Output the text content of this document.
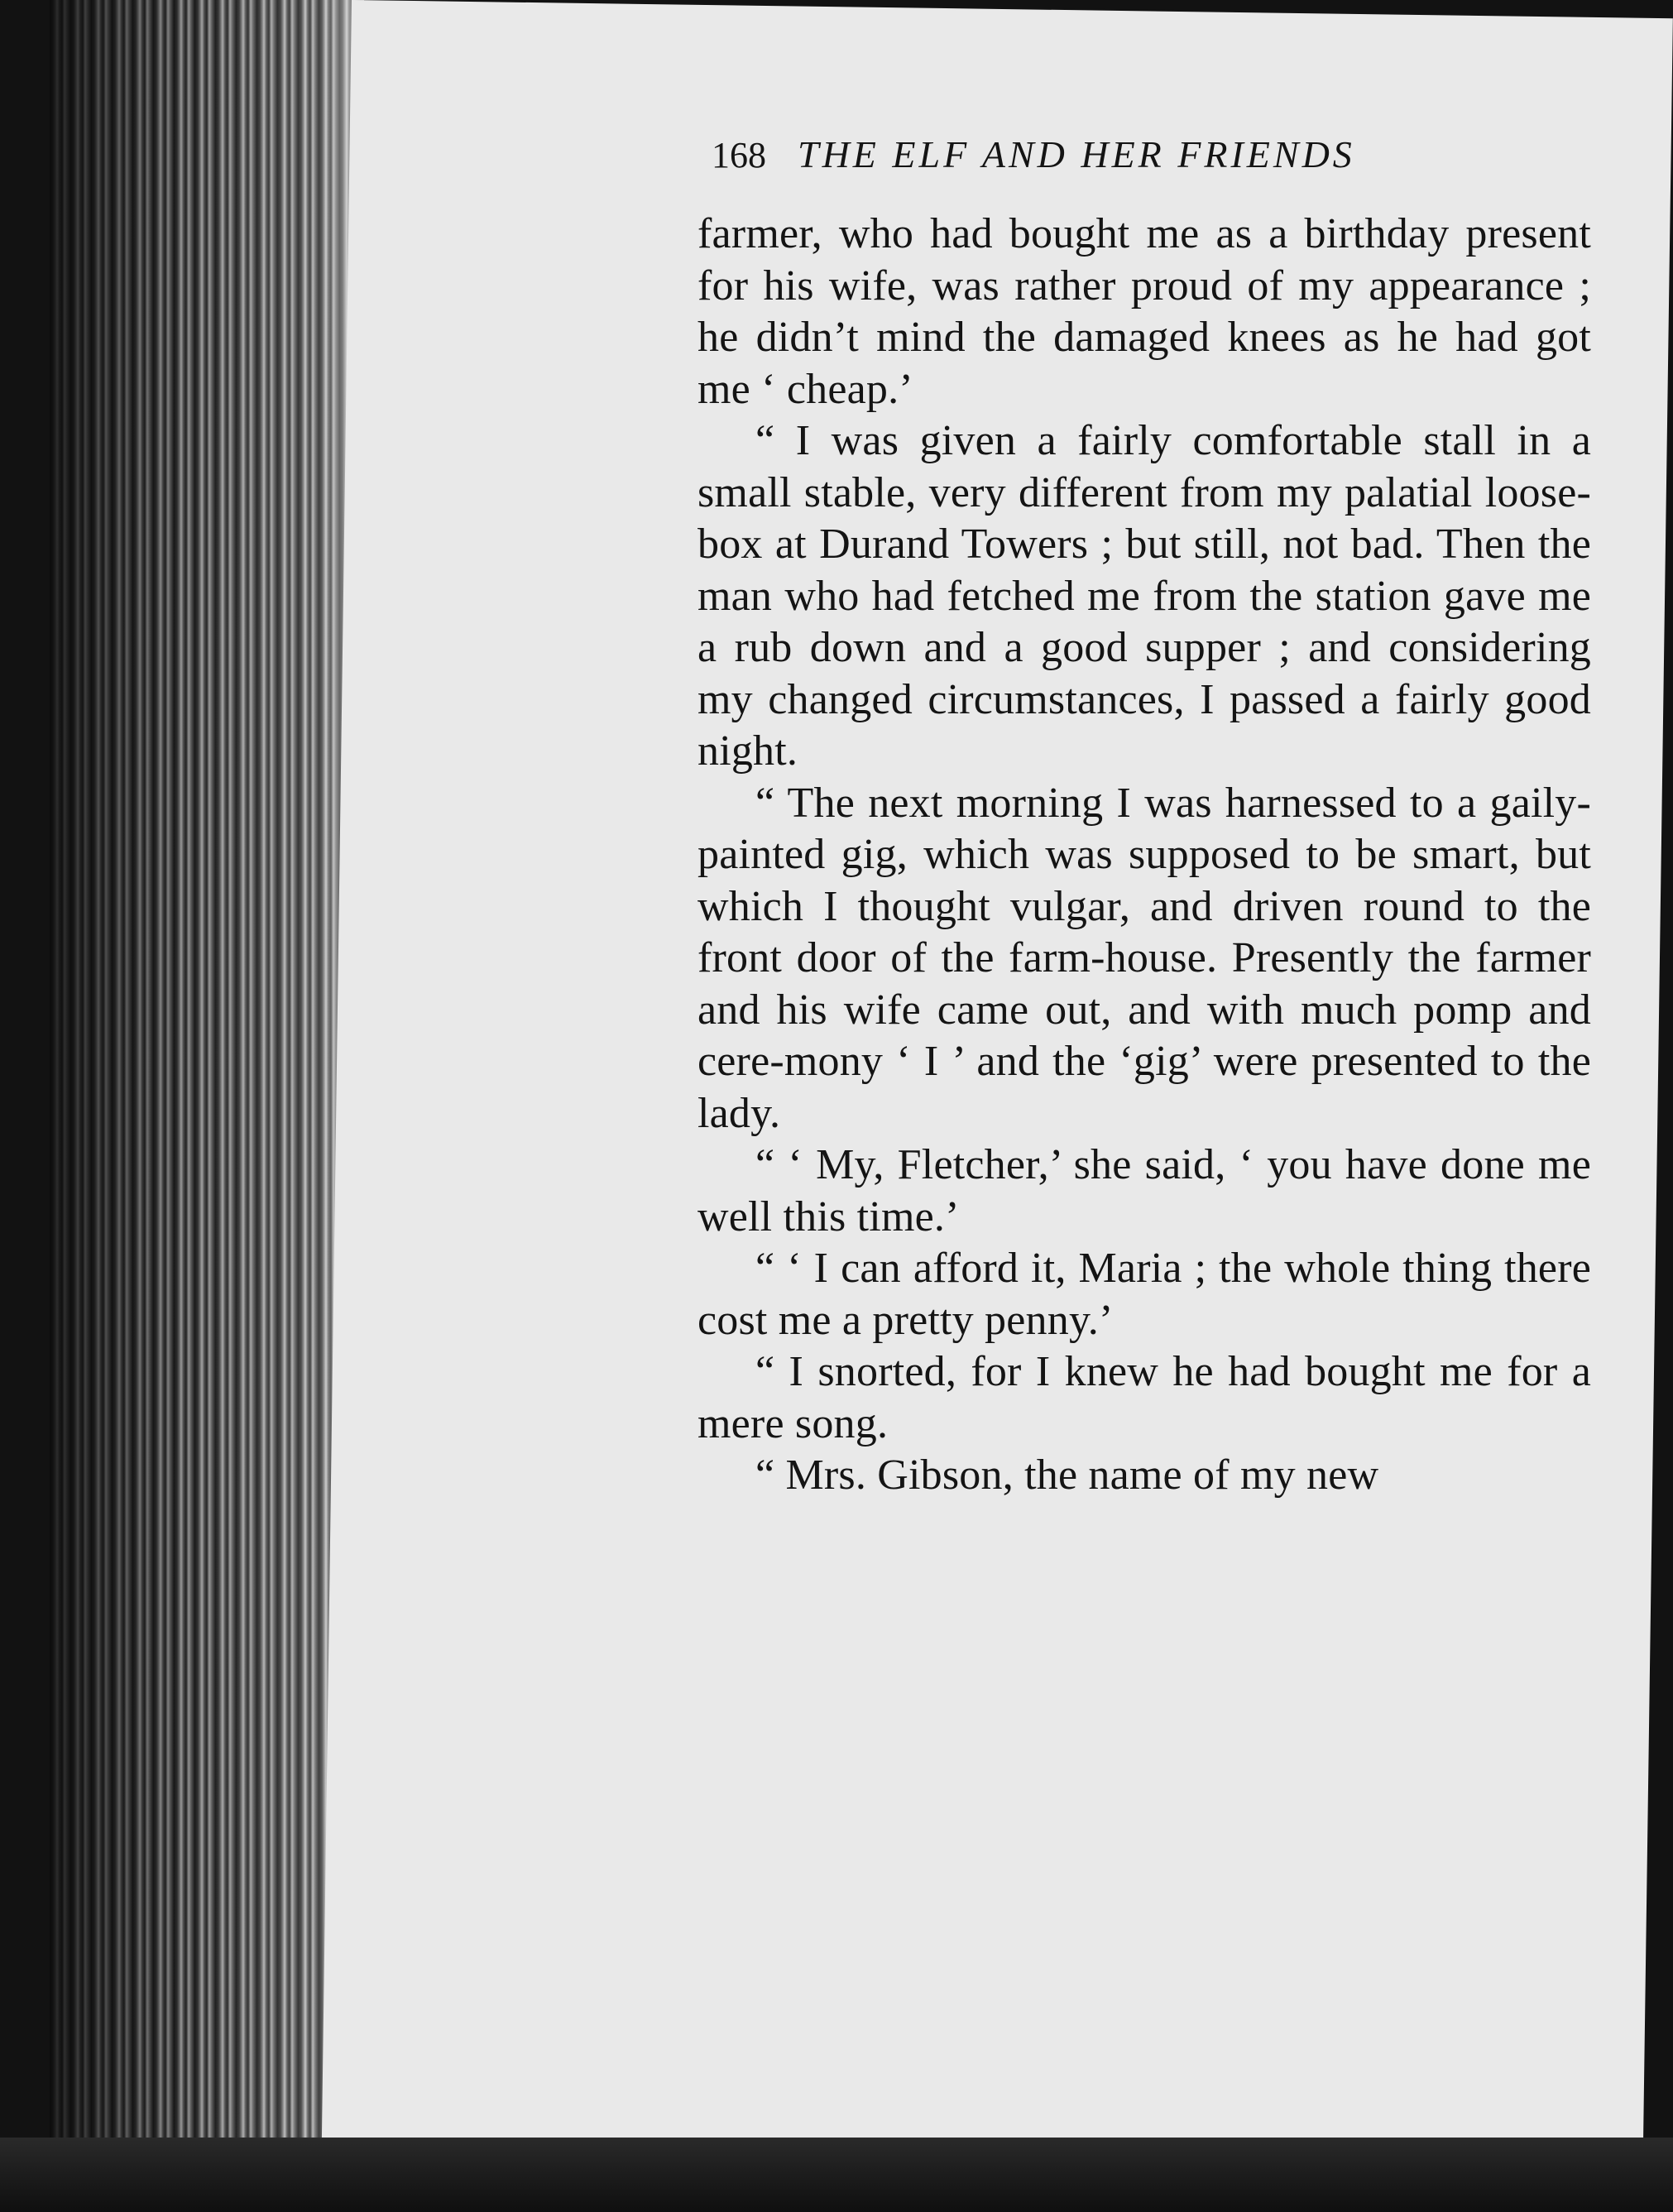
168 THE ELF AND HER FRIENDS

farmer, who had bought me as a birthday present for his wife, was rather proud of my appearance ; he didn’t mind the damaged knees as he had got me ‘ cheap.’

“ I was given a fairly comfortable stall in a small stable, very different from my palatial loose-box at Durand Towers ; but still, not bad. Then the man who had fetched me from the station gave me a rub down and a good supper ; and considering my changed circumstances, I passed a fairly good night.

“ The next morning I was harnessed to a gaily-painted gig, which was supposed to be smart, but which I thought vulgar, and driven round to the front door of the farm-house. Presently the farmer and his wife came out, and with much pomp and cere-mony ‘ I ’ and the ‘gig’ were presented to the lady.

“ ‘ My, Fletcher,’ she said, ‘ you have done me well this time.’

“ ‘ I can afford it, Maria ; the whole thing there cost me a pretty penny.’

“ I snorted, for I knew he had bought me for a mere song.

“ Mrs. Gibson, the name of my new
